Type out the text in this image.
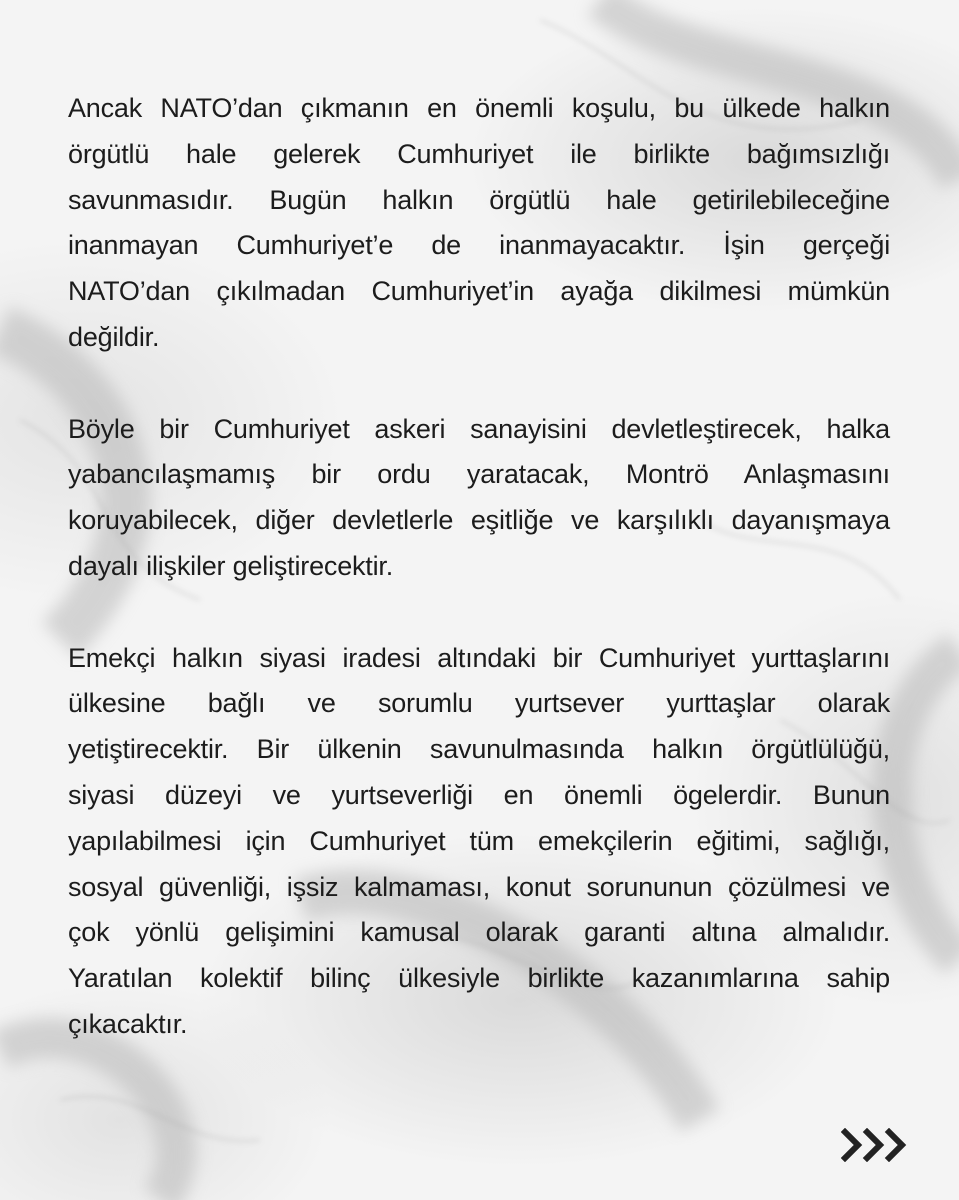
Ancak NATO’dan çıkmanın en önemli koşulu, bu ülkede halkın
örgütlü hale gelerek Cumhuriyet ile birlikte bağımsızlığı
savunmasıdır. Bugün halkın örgütlü hale getirilebileceğine
inanmayan Cumhuriyet’e de inanmayacaktır. İşin gerçeği
NATO’dan çıkılmadan Cumhuriyet’in ayağa dikilmesi mümkün
değildir.

Böyle bir Cumhuriyet askeri sanayisini devletleştirecek, halka
yabancılaşmamış bir ordu yaratacak, Montrö Anlaşmasını
koruyabilecek, diğer devletlerle eşitliğe ve karşılıklı dayanışmaya
dayalı ilişkiler geliştirecektir.

Emekçi halkın siyasi iradesi altındaki bir Cumhuriyet yurttaşlarını
ülkesine bağlı ve sorumlu yurtsever yurttaşlar olarak
yetiştirecektir. Bir ülkenin savunulmasında halkın örgütlülüğü,
siyasi düzeyi ve yurtseverliği en önemli ögelerdir. Bunun
yapılabilmesi için Cumhuriyet tüm emekçilerin eğitimi, sağlığı,
sosyal güvenliği, işsiz kalmaması, konut sorununun çözülmesi ve
çok yönlü gelişimini kamusal olarak garanti altına almalıdır.
Yaratılan kolektif bilinç ülkesiyle birlikte kazanımlarına sahip
çıkacaktır.
